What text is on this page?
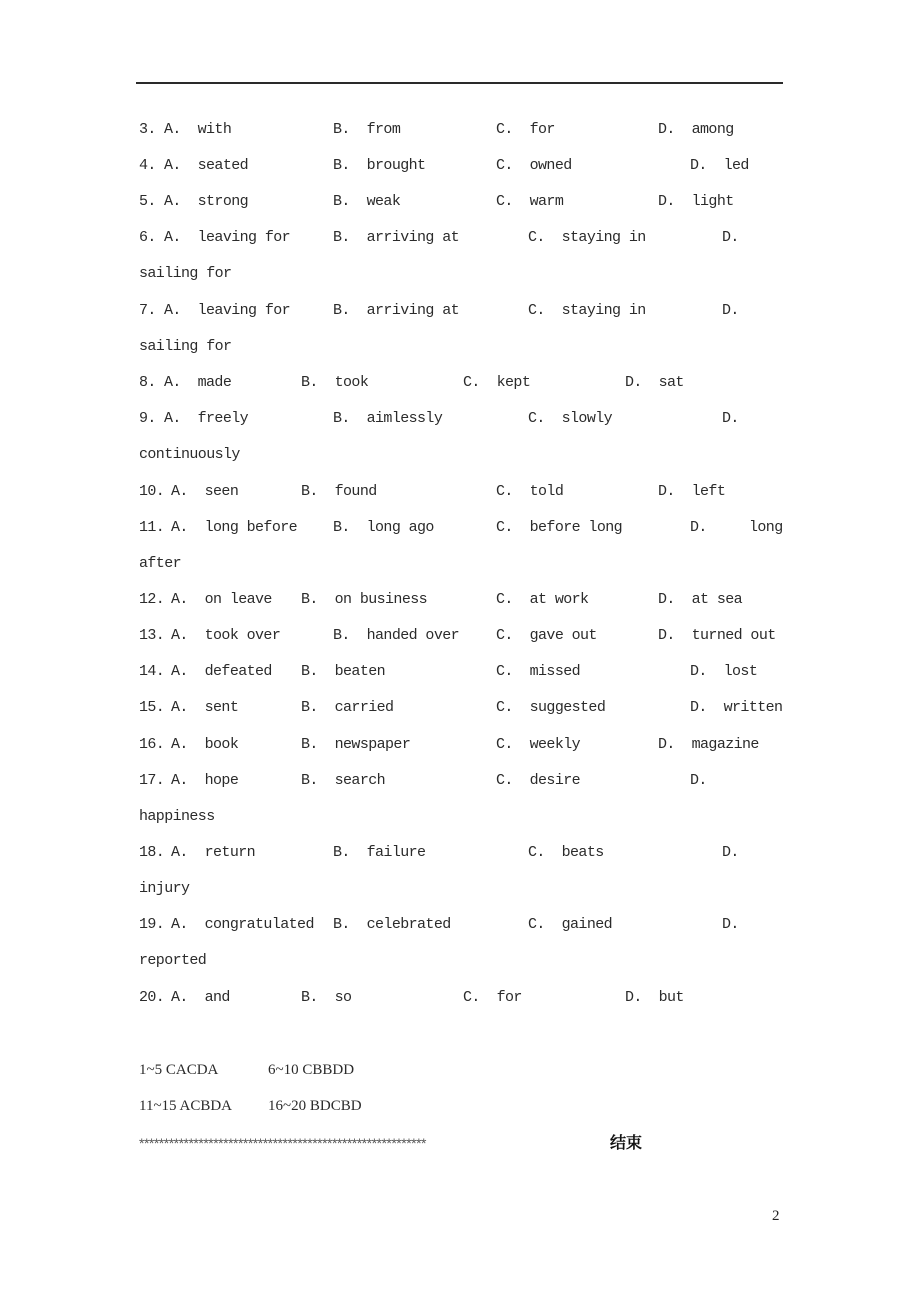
3. A. with	B. from	C. for	D. among
4. A. seated	B. brought	C. owned	D. led
5. A. strong	B. weak	C. warm	D. light
6. A. leaving for	B. arriving at	C. staying in	D.
sailing for
7. A. leaving for	B. arriving at	C. staying in	D.
sailing for
8. A. made	B. took	C. kept	D. sat
9. A. freely	B. aimlessly	C. slowly	D.
continuously
10. A. seen	B. found	C. told	D. left
11. A. long before B. long ago	C. before long	D.	long
after
12. A. on leave B. on business	C. at work	D. at sea
13. A. took over	B. handed over C. gave out	D. turned out
14. A. defeated B. beaten	C. missed	D. lost
15. A. sent	B. carried	C. suggested	D. written
16. A. book	B. newspaper	C. weekly	D. magazine
17. A. hope	B. search	C. desire	D.
happiness
18. A. return	B. failure	C. beats	D.
injury
19. A. congratulated B. celebrated	C. gained	D.
reported
20. A. and	B. so	C. for	D. but
1~5 CACDA	6~10 CBBDD
11~15 ACBDA 16~20 BDCBD
**********************************************************	结束
2
